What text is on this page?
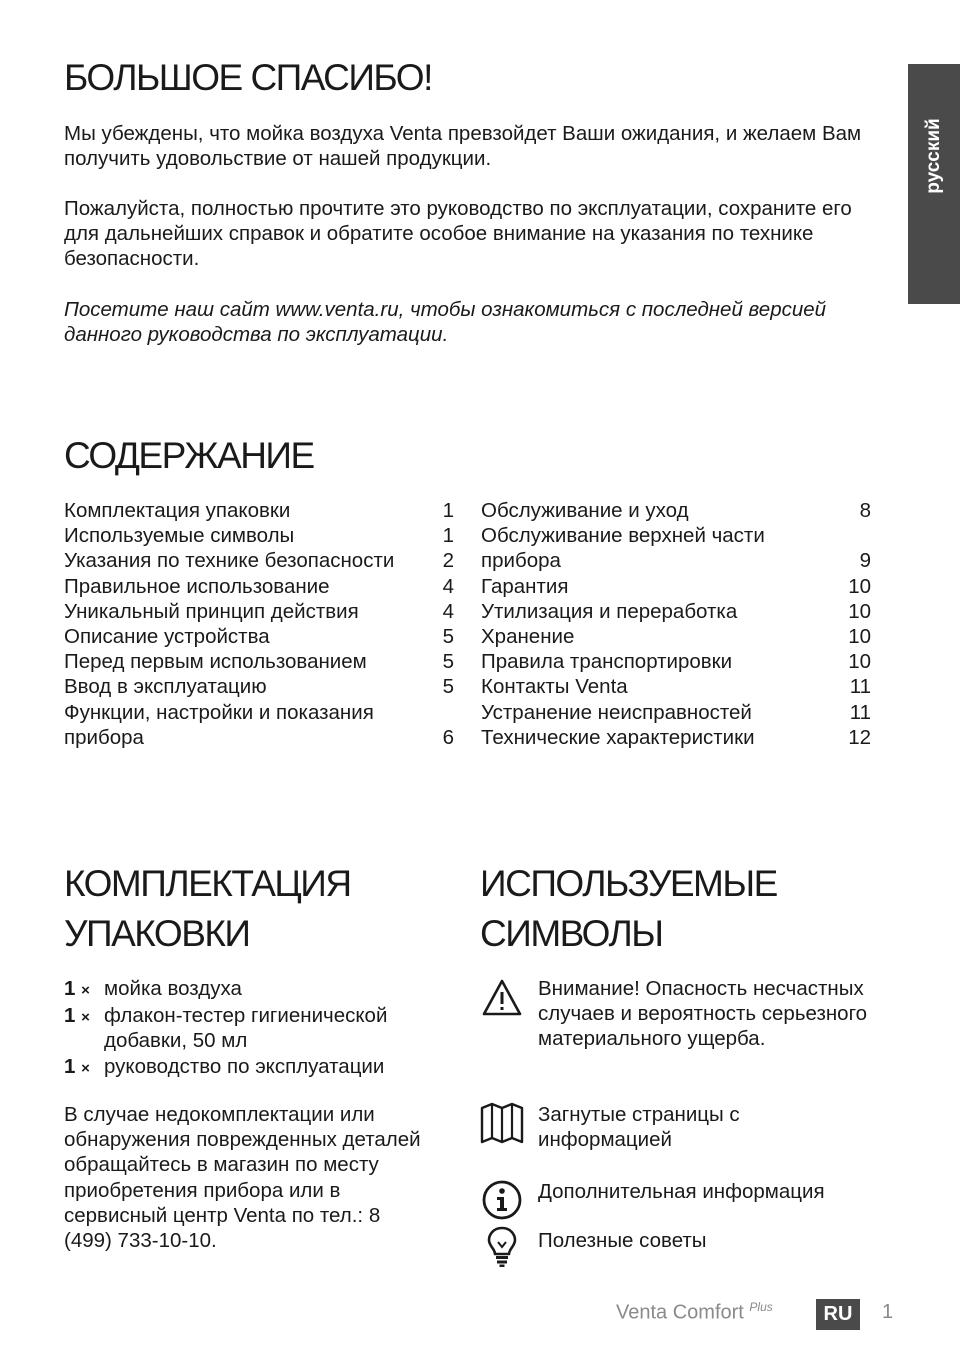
русский
БОЛЬШОЕ СПАСИБО!

Мы убеждены, что мойка воздуха Venta превзойдет Ваши ожидания, и желаем Вам получить удовольствие от нашей продукции.

Пожалуйста, полностью прочтите это руководство по эксплуатации, сохраните его для дальнейших справок и обратите особое внимание на указания по технике безопасности.

Посетите наш сайт www.venta.ru, чтобы ознакомиться с последней версией данного руководства по эксплуатации.

СОДЕРЖАНИЕ
Комплектация упаковки	1
Используемые символы	1
Указания по технике безопасности	2
Правильное использование	4
Уникальный принцип действия	4
Описание устройства	5
Перед первым использованием	5
Ввод в эксплуатацию	5
Функции, настройки и показания прибора	6
Обслуживание и уход	8
Обслуживание верхней части прибора	9
Гарантия	10
Утилизация и переработка	10
Хранение	10
Правила транспортировки	10
Контакты Venta	11
Устранение неисправностей	11
Технические характеристики	12
КОМПЛЕКТАЦИЯ
УПАКОВКИ
1 × мойка воздуха
1 × флакон-тестер гигиенической добавки, 50 мл
1 × руководство по эксплуатации

В случае недокомплектации или обнаружения поврежденных деталей обращайтесь в магазин по месту приобретения прибора или в сервисный центр Venta по тел.: 8 (499) 733-10-10.

ИСПОЛЬЗУЕМЫЕ
СИМВОЛЫ
Внимание! Опасность несчастных случаев и вероятность серьезного материального ущерба.
Загнутые страницы с информацией
Дополнительная информация
Полезные советы
Venta Comfort $^{Plus}$	RU	1
